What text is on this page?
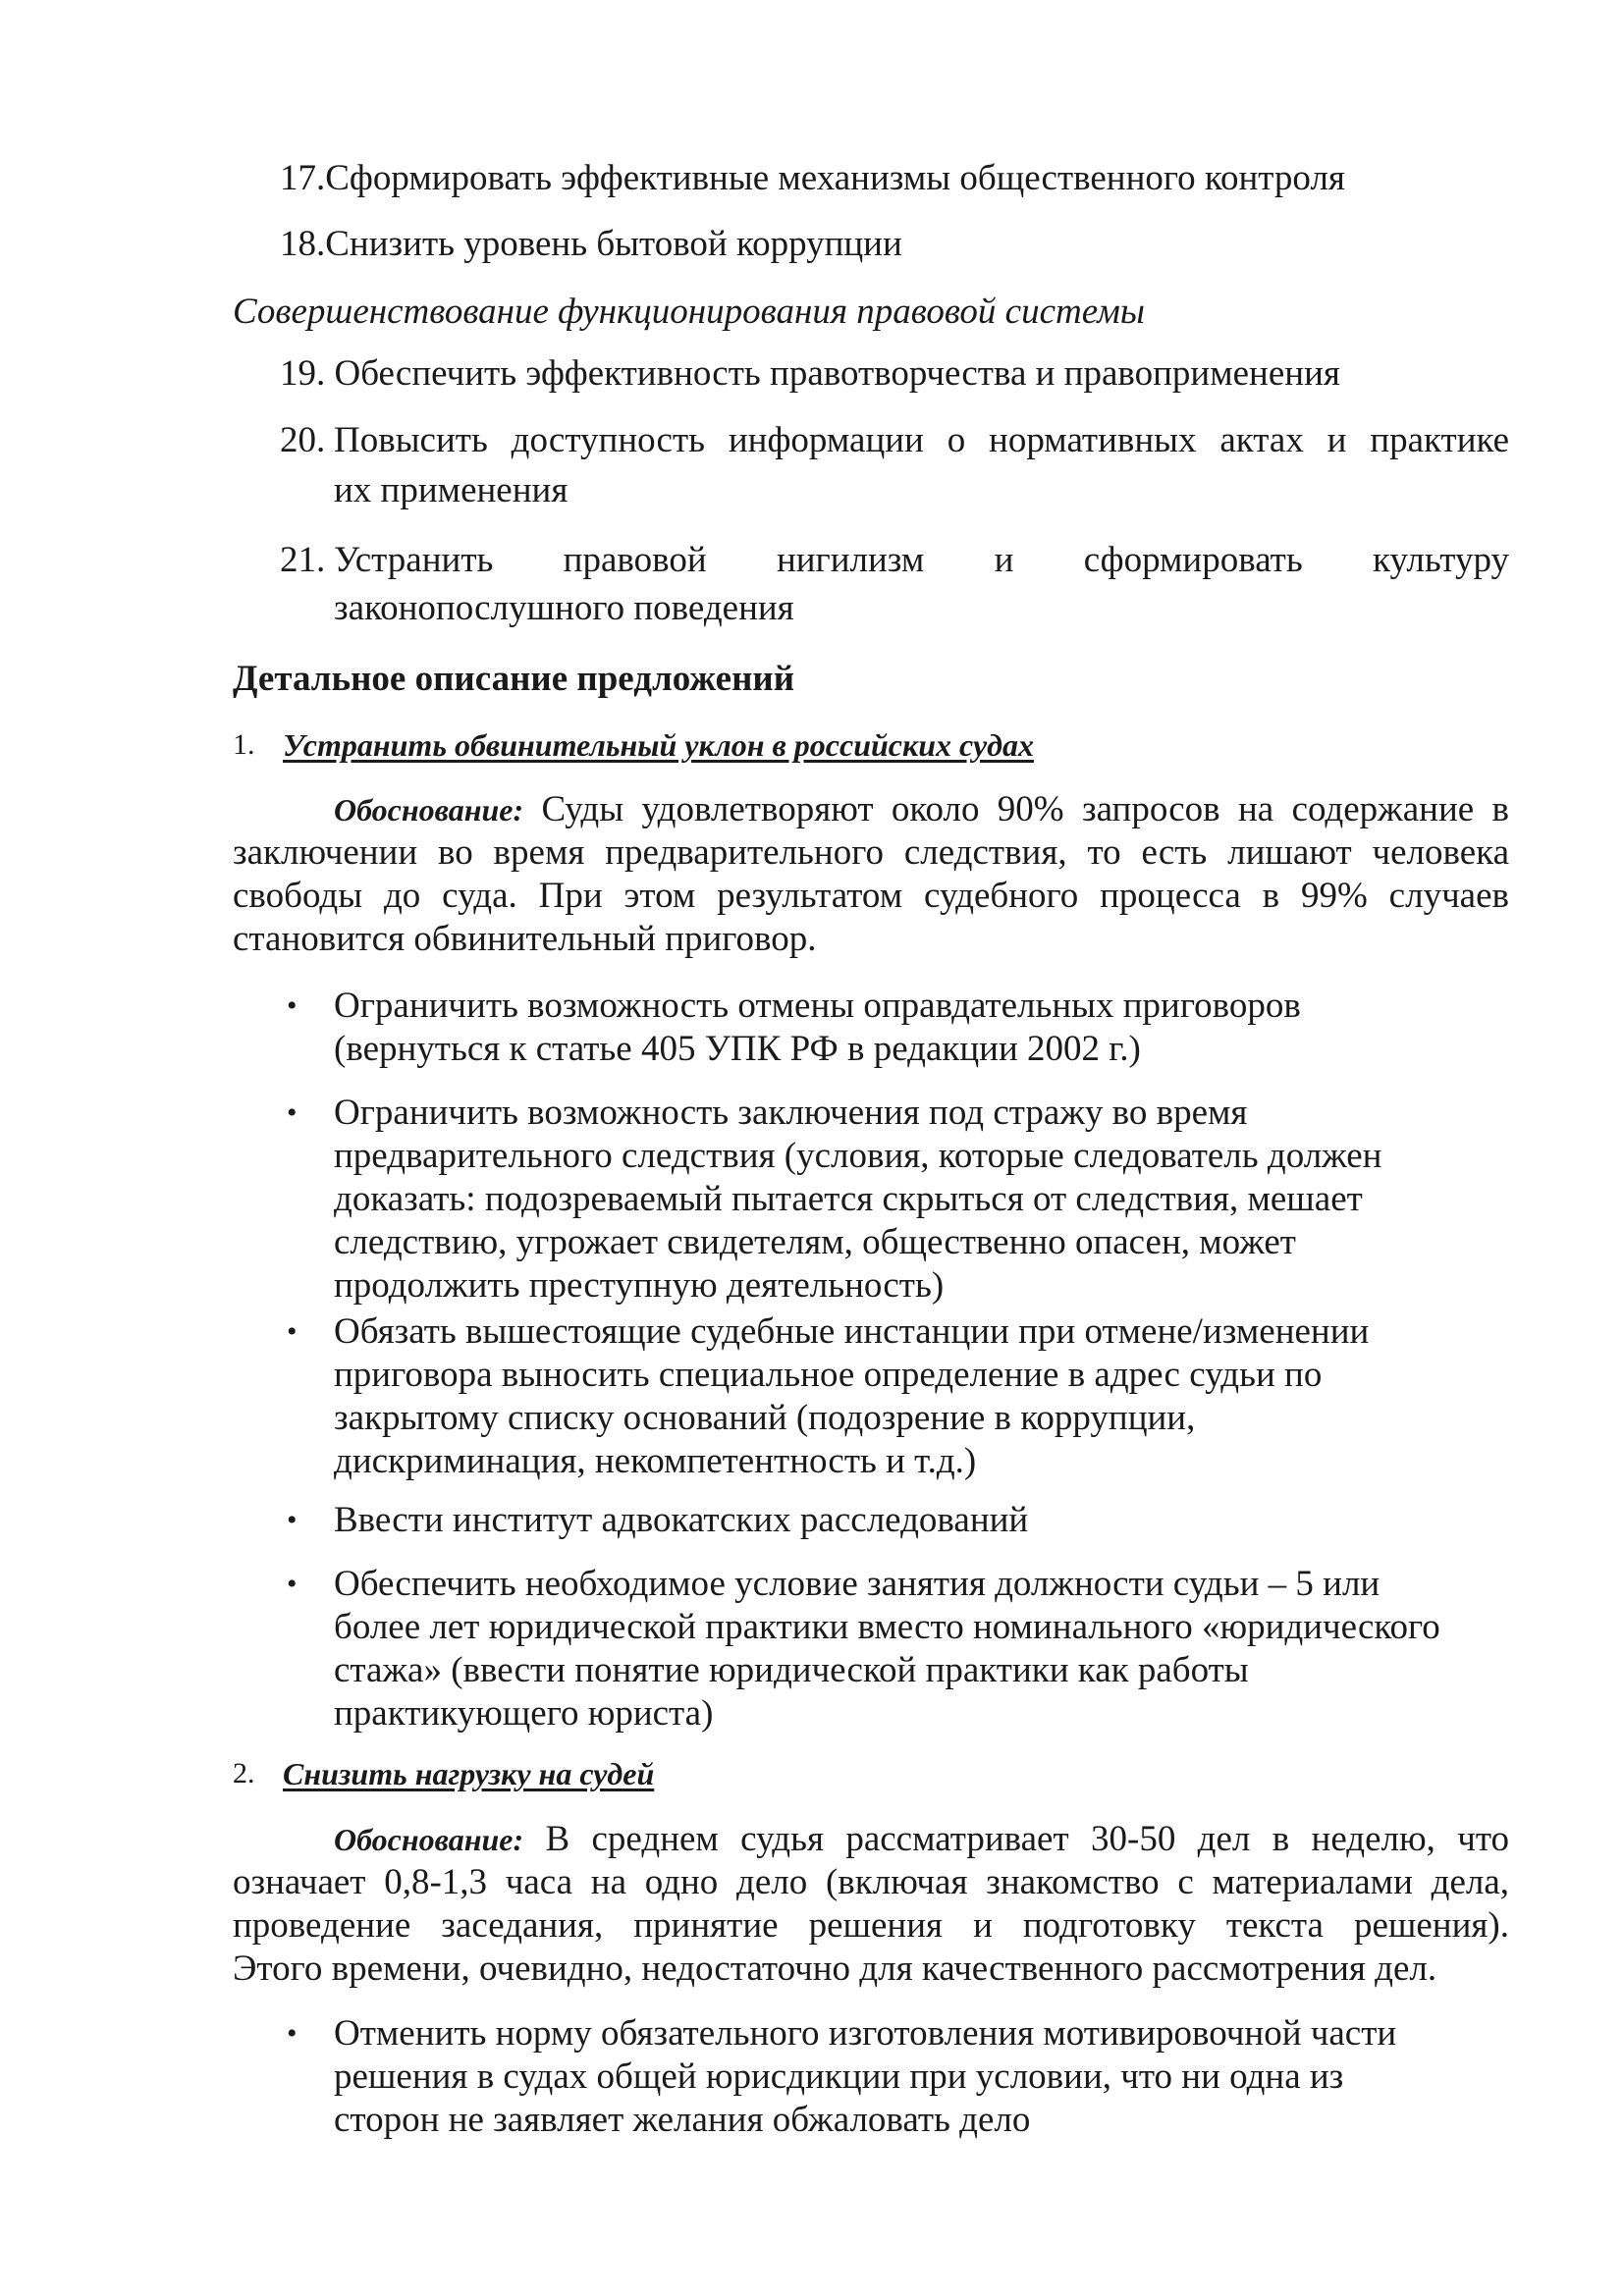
17.Сформировать эффективные механизмы общественного контроля
18.Снизить уровень бытовой коррупции
Совершенствование функционирования правовой системы
19. Обеспечить эффективность правотворчества и правоприменения
20. Повысить доступность информации о нормативных актах и практике
их применения
21. Устранить правовой нигилизм и сформировать культуру
законопослушного поведения
Детальное описание предложений
1. Устранить обвинительный уклон в российских судах
Обоснование: Суды удовлетворяют около 90% запросов на содержание в
заключении во время предварительного следствия, то есть лишают человека
свободы до суда. При этом результатом судебного процесса в 99% случаев
становится обвинительный приговор.
• Ограничить возможность отмены оправдательных приговоров
(вернуться к статье 405 УПК РФ в редакции 2002 г.)
• Ограничить возможность заключения под стражу во время
предварительного следствия (условия, которые следователь должен
доказать: подозреваемый пытается скрыться от следствия, мешает
следствию, угрожает свидетелям, общественно опасен, может
продолжить преступную деятельность)
• Обязать вышестоящие судебные инстанции при отмене/изменении
приговора выносить специальное определение в адрес судьи по
закрытому списку оснований (подозрение в коррупции,
дискриминация, некомпетентность и т.д.)
• Ввести институт адвокатских расследований
• Обеспечить необходимое условие занятия должности судьи – 5 или
более лет юридической практики вместо номинального «юридического
стажа» (ввести понятие юридической практики как работы
практикующего юриста)
2. Снизить нагрузку на судей
Обоснование: В среднем судья рассматривает 30-50 дел в неделю, что
означает 0,8-1,3 часа на одно дело (включая знакомство с материалами дела,
проведение заседания, принятие решения и подготовку текста решения).
Этого времени, очевидно, недостаточно для качественного рассмотрения дел.
• Отменить норму обязательного изготовления мотивировочной части
решения в судах общей юрисдикции при условии, что ни одна из
сторон не заявляет желания обжаловать дело
